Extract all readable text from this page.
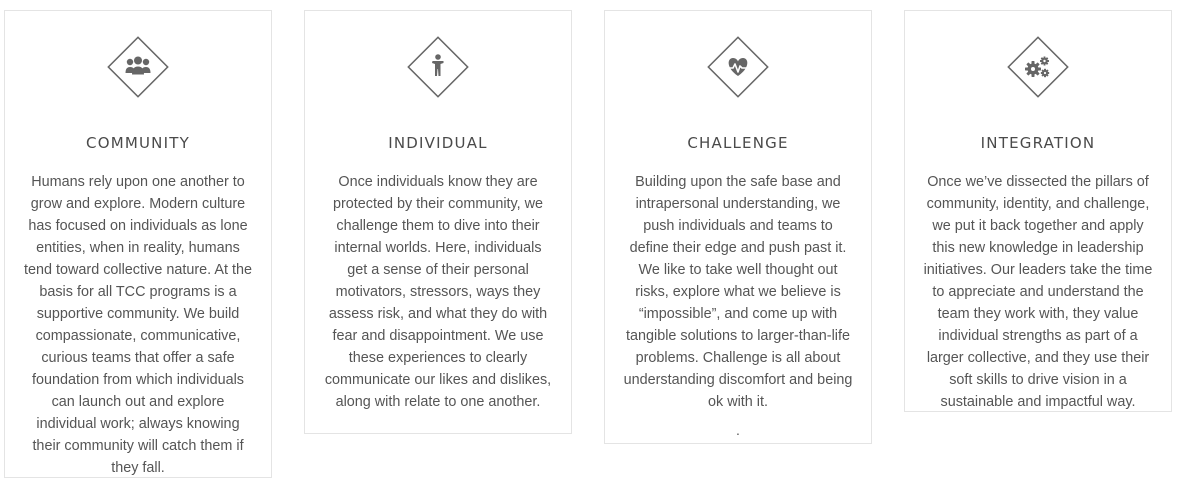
COMMUNITY

Humans rely upon one another to grow and explore. Modern culture has focused on individuals as lone entities, when in reality, humans tend toward collective nature. At the basis for all TCC programs is a supportive community. We build compassionate, communicative, curious teams that offer a safe foundation from which individuals can launch out and explore individual work; always knowing their community will catch them if they fall.

INDIVIDUAL

Once individuals know they are protected by their community, we challenge them to dive into their internal worlds. Here, individuals get a sense of their personal motivators, stressors, ways they assess risk, and what they do with fear and disappointment. We use these experiences to clearly communicate our likes and dislikes, along with relate to one another.

CHALLENGE

Building upon the safe base and intrapersonal understanding, we push individuals and teams to define their edge and push past it. We like to take well thought out risks, explore what we believe is “impossible”, and come up with tangible solutions to larger-than-life problems. Challenge is all about understanding discomfort and being ok with it.

.

INTEGRATION

Once we’ve dissected the pillars of community, identity, and challenge, we put it back together and apply this new knowledge in leadership initiatives. Our leaders take the time to appreciate and understand the team they work with, they value individual strengths as part of a larger collective, and they use their soft skills to drive vision in a sustainable and impactful way.
